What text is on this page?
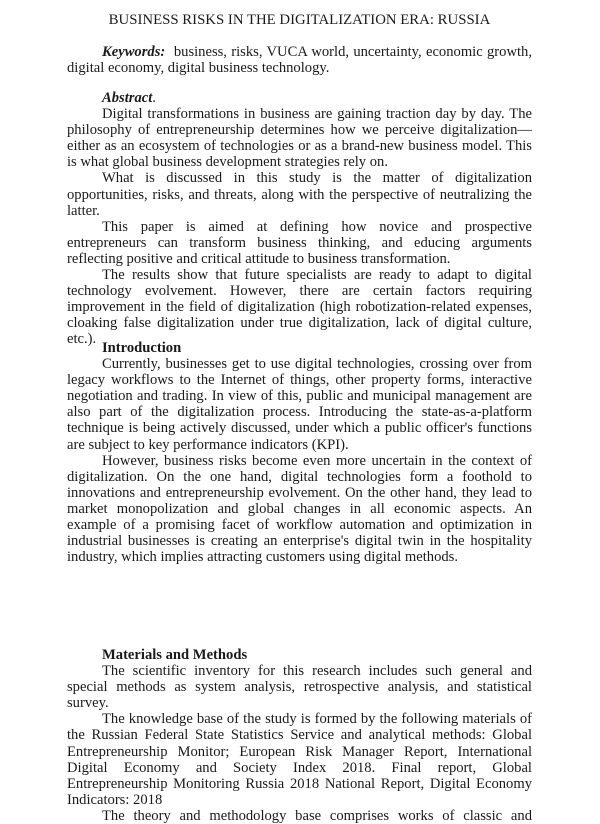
BUSINESS RISKS IN THE DIGITALIZATION ERA: RUSSIA

Keywords: business, risks, VUCA world, uncertainty, economic growth, digital economy, digital business technology.

Abstract.

Digital transformations in business are gaining traction day by day. The philosophy of entrepreneurship determines how we perceive digitalization—either as an ecosystem of technologies or as a brand-new business model. This is what global business development strategies rely on.

What is discussed in this study is the matter of digitalization opportunities, risks, and threats, along with the perspective of neutralizing the latter.

This paper is aimed at defining how novice and prospective entrepreneurs can transform business thinking, and educing arguments reflecting positive and critical attitude to business transformation.

The results show that future specialists are ready to adapt to digital technology evolvement. However, there are certain factors requiring improvement in the field of digitalization (high robotization-related expenses, cloaking false digitalization under true digitalization, lack of digital culture, etc.).

Introduction

Currently, businesses get to use digital technologies, crossing over from legacy workflows to the Internet of things, other property forms, interactive negotiation and trading. In view of this, public and municipal management are also part of the digitalization process. Introducing the state-as-a-platform technique is being actively discussed, under which a public officer's functions are subject to key performance indicators (KPI).

However, business risks become even more uncertain in the context of digitalization. On the one hand, digital technologies form a foothold to innovations and entrepreneurship evolvement. On the other hand, they lead to market monopolization and global changes in all economic aspects. An example of a promising facet of workflow automation and optimization in industrial businesses is creating an enterprise's digital twin in the hospitality industry, which implies attracting customers using digital methods.

Materials and Methods

The scientific inventory for this research includes such general and special methods as system analysis, retrospective analysis, and statistical survey.

The knowledge base of the study is formed by the following materials of the Russian Federal State Statistics Service and analytical methods: Global Entrepreneurship Monitor; European Risk Manager Report, International Digital Economy and Society Index 2018. Final report, Global Entrepreneurship Monitoring Russia 2018 National Report, Digital Economy Indicators: 2018

The theory and methodology base comprises works of classic and
